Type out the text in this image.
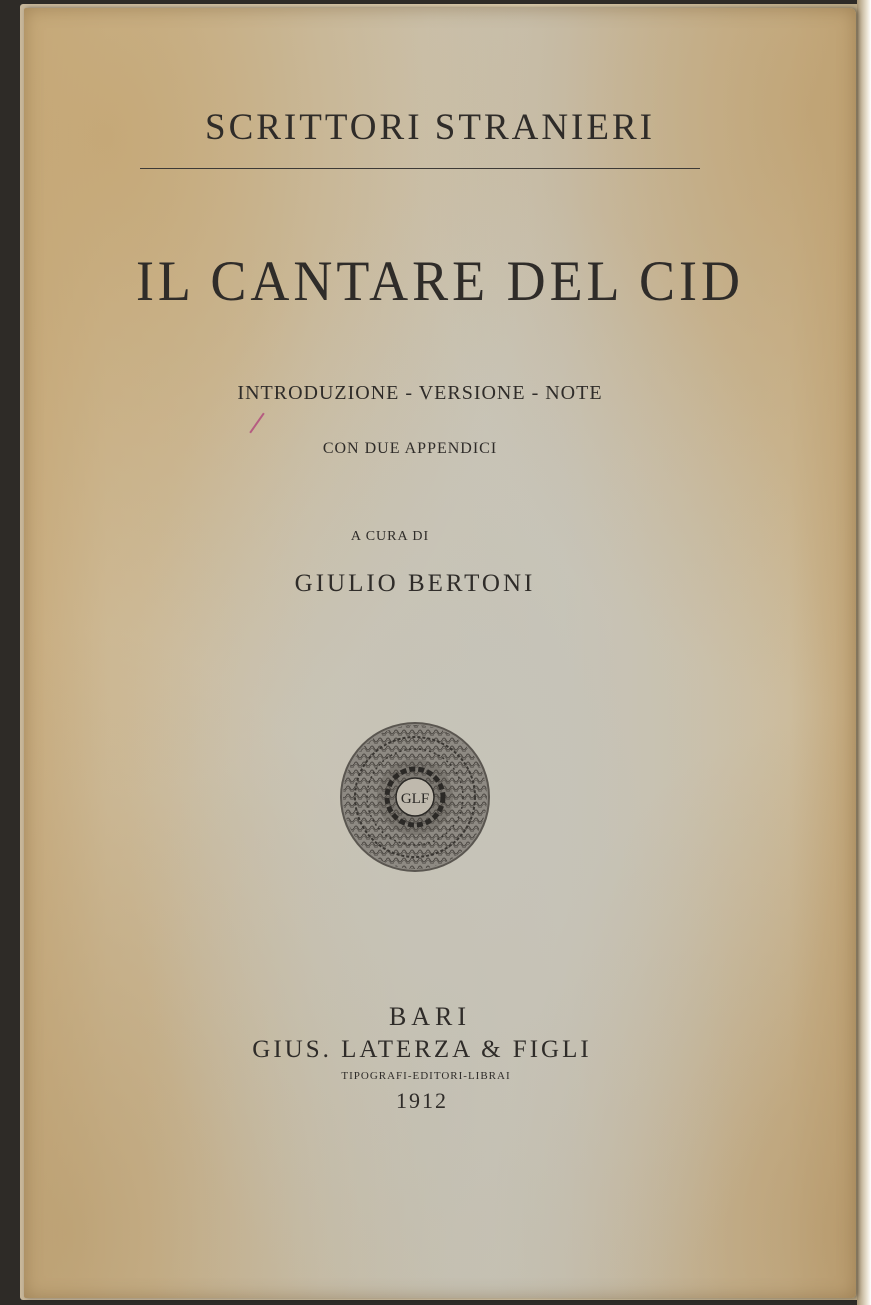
SCRITTORI STRANIERI
IL CANTARE DEL CID
INTRODUZIONE - VERSIONE - NOTE
CON DUE APPENDICI
A CURA DI
GIULIO BERTONI
GLF
BARI
GIUS. LATERZA & FIGLI
TIPOGRAFI-EDITORI-LIBRAI
1912
